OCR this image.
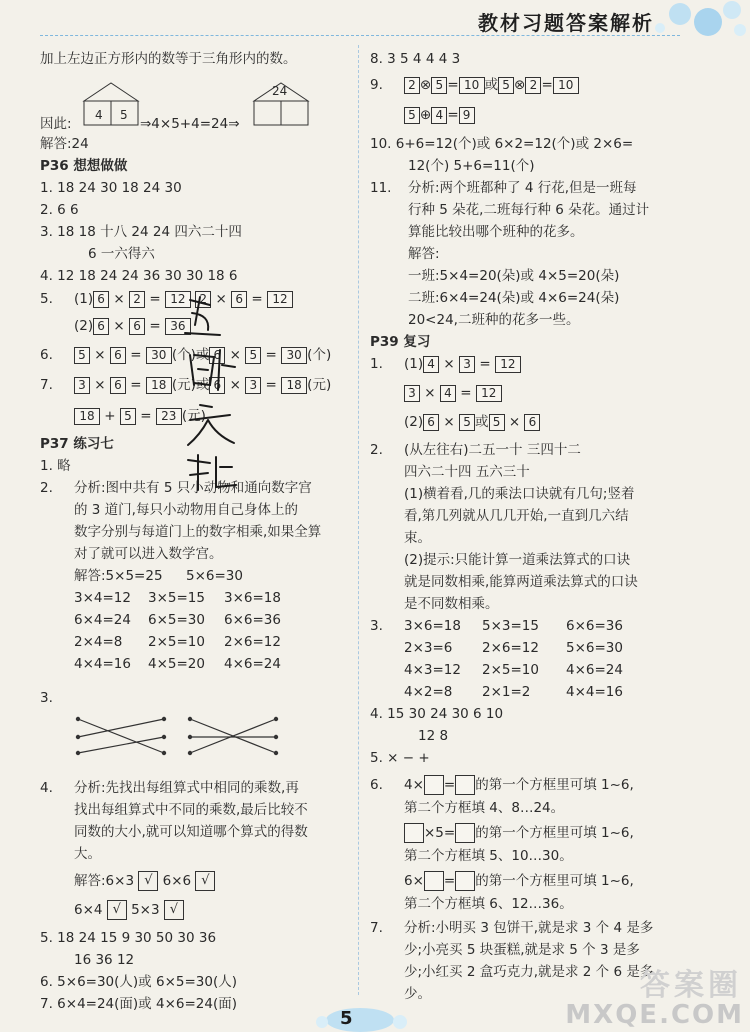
教材习题答案解析
加上左边正方形内的数等于三角形内的数。
因此:
4 5
⇒4×5+4=24⇒
24
解答:24
P36 想想做做
1. 18 24 30 18 24 30
2. 6 6
3. 18 18 十八 24 24 四六二十四
6 一六得六
4. 12 18 24 24 36 30 30 18 6
5. (1) 6 × 2 = 12 2 × 6 = 12
(2) 6 × 6 = 36
6. 5 × 6 = 30 (个)或 6 × 5 = 30 (个)
7. 3 × 6 = 18 (元)或 6 × 3 = 18 (元)
18 + 5 = 23 (元)
P37 练习七
1. 略
2. 分析:图中共有 5 只小动物和通向数字宫
的 3 道门,每只小动物用自己身体上的
数字分别与每道门上的数字相乘,如果全算
对了就可以进入数学宫。
解答:5×5=25 5×6=30
3×4=12 3×5=15 3×6=18
6×4=24 6×5=30 6×6=36
2×4=8 2×5=10 2×6=12
4×4=16 4×5=20 4×6=24
3.
4. 分析:先找出每组算式中相同的乘数,再
找出每组算式中不同的乘数,最后比较不
同数的大小,就可以知道哪个算式的得数
大。
解答:6×3 √ 6×6 √
6×4 √ 5×3 √
5. 18 24 15 9 30 50 30 36
16 36 12
6. 5×6=30(人)或 6×5=30(人)
7. 6×4=24(面)或 4×6=24(面)
8. 3 5 4 4 4 3
9. 2 ⊗ 5 = 10 或 5 ⊗ 2 = 10
5 ⊕ 4 = 9
10. 6+6=12(个)或 6×2=12(个)或 2×6=
12(个) 5+6=11(个)
11. 分析:两个班都种了 4 行花,但是一班每
行种 5 朵花,二班每行种 6 朵花。通过计
算能比较出哪个班种的花多。
解答:
一班:5×4=20(朵)或 4×5=20(朵)
二班:6×4=24(朵)或 4×6=24(朵)
20<24,二班种的花多一些。
P39 复习
1. (1) 4 × 3 = 12
3 × 4 = 12
(2) 6 × 5 或 5 × 6
2. (从左往右)二五一十 三四十二
四六二十四 五六三十
(1)横着看,几的乘法口诀就有几句;竖着
看,第几列就从几几开始,一直到几六结
束。
(2)提示:只能计算一道乘法算式的口诀
就是同数相乘,能算两道乘法算式的口诀
是不同数相乘。
3. 3×6=18 5×3=15 6×6=36
2×3=6 2×6=12 5×6=30
4×3=12 2×5=10 4×6=24
4×2=8 2×1=2	4×4=16
4. 15 30 24 30 6 10
12 8
5. × − +
6. 4× = 的第一个方框里可填 1~6,
第二个方框填 4、8…24。
×5= 的第一个方框里可填 1~6,
第二个方框填 5、10…30。
6× = 的第一个方框里可填 1~6,
第二个方框填 6、12…36。
7. 分析:小明买 3 包饼干,就是求 3 个 4 是多
少;小亮买 5 块蛋糕,就是求 5 个 3 是多
少;小红买 2 盒巧克力,就是求 2 个 6 是多
少。
5
答案圈
MXQE.COM
